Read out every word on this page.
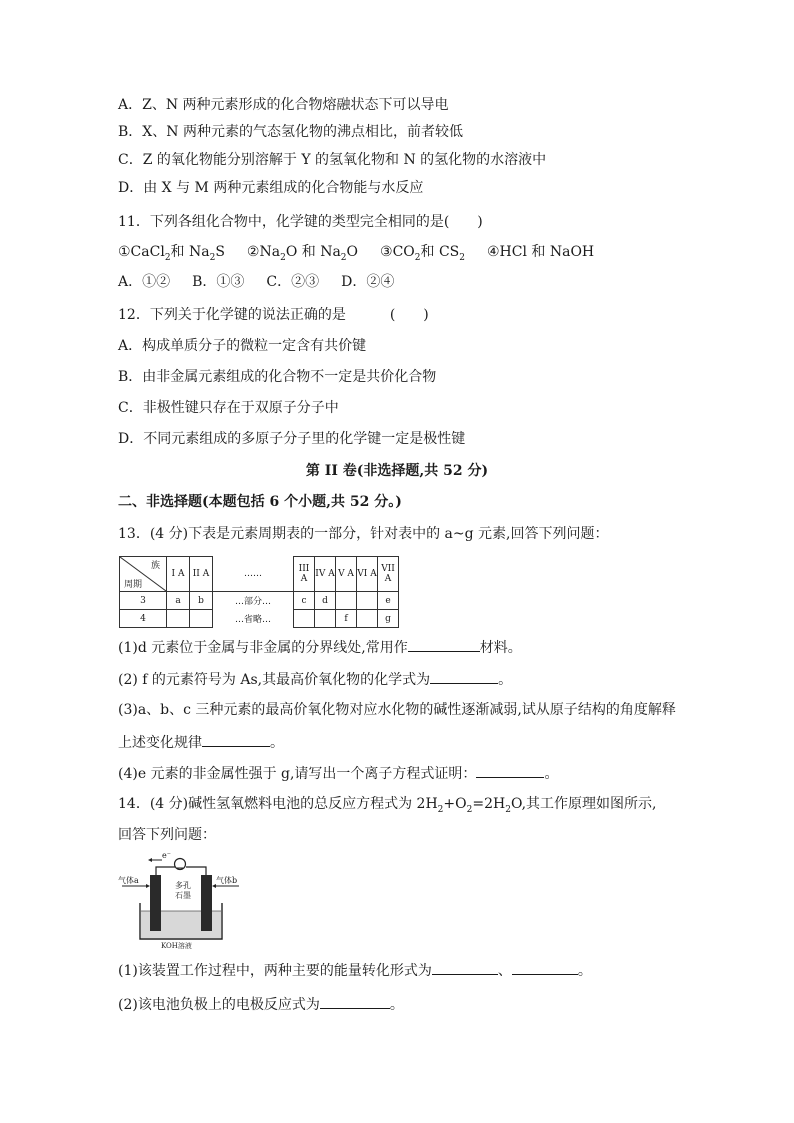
A．Z、N 两种元素形成的化合物熔融状态下可以导电
B．X、N 两种元素的气态氢化物的沸点相比，前者较低
C．Z 的氧化物能分别溶解于 Y 的氢氧化物和 N 的氢化物的水溶液中
D．由 X 与 M 两种元素组成的化合物能与水反应
11．下列各组化合物中，化学键的类型完全相同的是(　　)
①CaCl$_2$和 $Na_2S$ $②Na_2O$ 和 $Na_2O$ $③CO_2$和 $CS_2$ ④HCl 和 NaOH
A．①② B．①③ C．②③ D．②④
12．下列关于化学键的说法正确的是	(　　)
A．构成单质分子的微粒一定含有共价键
B．由非金属元素组成的化合物不一定是共价化合物
C．非极性键只存在于双原子分子中
D．不同元素组成的多原子分子里的化学键一定是极性键
第 II 卷(非选择题,共 52 分)
二、非选择题(本题包括 6 个小题,共 52 分。)
13．(4 分)下表是元素周期表的一部分，针对表中的 a~g 元素,回答下列问题：
族
周期	I A	II A	……	III A	IV A	V A	VI A	VII A
3	a	b	…部分…	c	d			e
4			…省略…			f		g
(1)d 元素位于金属与非金属的分界线处,常用作	材料。
(2) f 的元素符号为 As,其最高价氧化物的化学式为	。
(3)a、b、c 三种元素的最高价氧化物对应水化物的碱性逐渐减弱,试从原子结构的角度解释
上述变化规律	。
(4)e 元素的非金属性强于 g,请写出一个离子方程式证明：	。
14．(4 分)碱性氢氧燃料电池的总反应方程式为 $2H_2+O_2=2H_2O$,其工作原理如图所示,
回答下列问题：
e⁻
气体a	气体b
多孔石墨
KOH溶液
(1)该装置工作过程中，两种主要的能量转化形式为	、	。
(2)该电池负极上的电极反应式为	。
